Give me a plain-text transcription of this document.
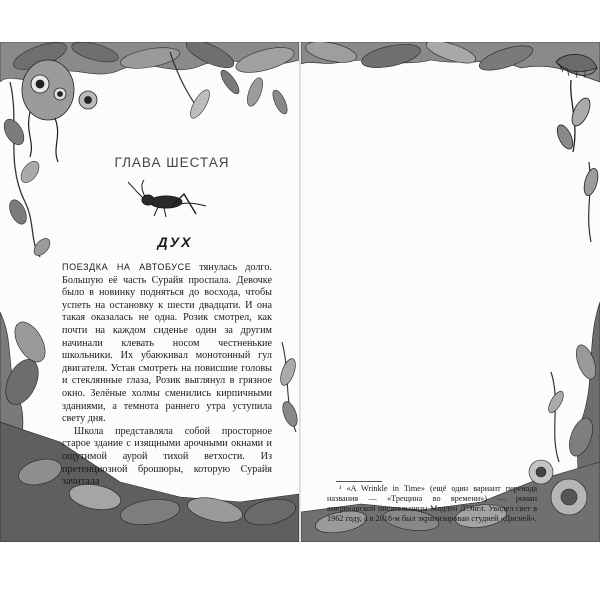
ГЛАВА ШЕСТАЯ
ДУХ

ПОЕЗДКА НА АВТОБУСЕ тянулась долго. Большую её часть Сурайя проспала. Девочке было в новинку подняться до восхода, чтобы успеть на остановку к шести двадцати. И она такая оказалась не одна. Розик смотрел, как почти на каждом сиденье один за другим начинали клевать носом честненькие школьники. Их убаюкивал монотонный гул двигателя. Устав смотреть на повисшие головы и стеклянные глаза, Розик выглянул в грязное окно. Зелёные холмы сменились кирпичными зданиями, а темнота раннего утра уступила свету дня.

Школа представляла собой просторное старое здание с изящными арочными окнами и ощутимой аурой тихой ветхости. Из претенциозной брошюры, которую Сурайя зачитала

¹ «A Wrinkle in Time» (ещё один вариант перевода названия — «Трещина во времени») — роман американской писательницы Мадлен Л'Энгл. Увидел свет в 1962 году, а в 2018-м был экранизирован студией «Дисней».
